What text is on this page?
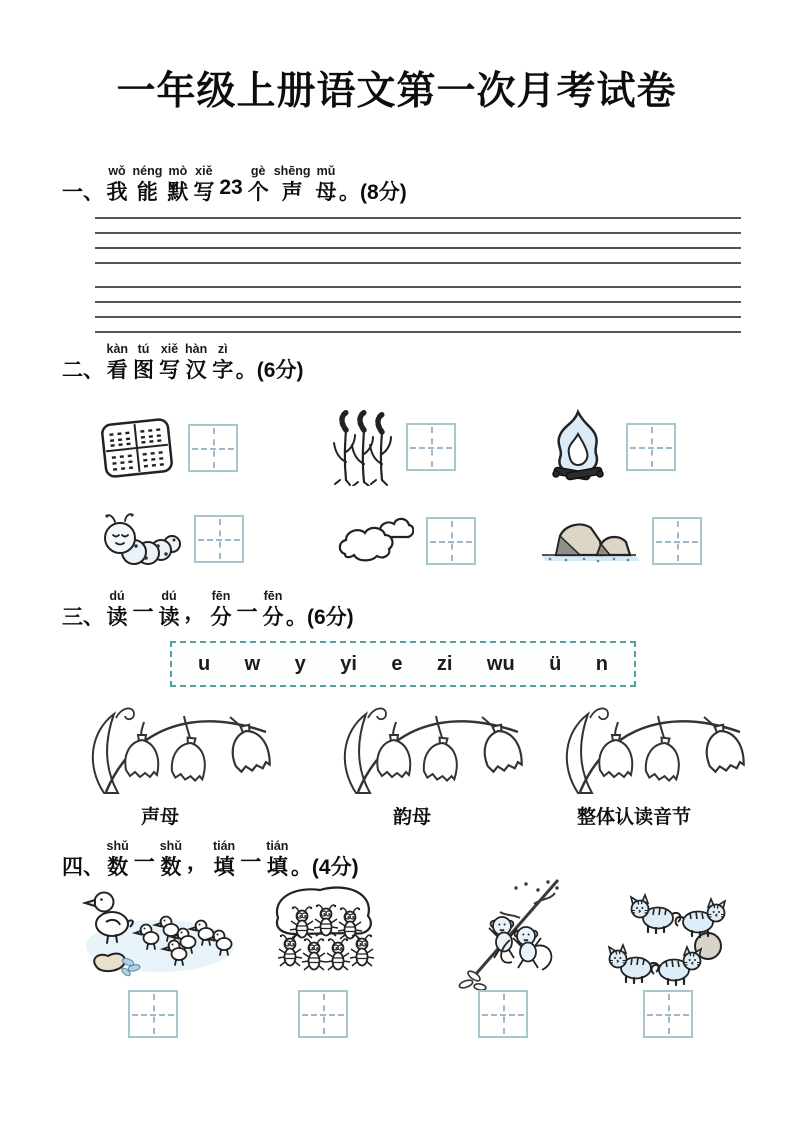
一年级上册语文第一次月考试卷
一、
wǒ
我
néng
能
mò
默
xiě
写 23
gè
个
shēng
声
mǔ
母 。(8分)
二、
kàn
看
tú
图
xiě
写
hàn
汉
zì
字 。(6分)
三、
dú
读 一
dú
读 ，
fēn
分 一
fēn
分 。(6分)
u w y yi e zi wu ü n
声母	韵母	整体认读音节
四、
shǔ
数 一
shǔ
数 ，
tián
填 一
tián
填 。(4分)
